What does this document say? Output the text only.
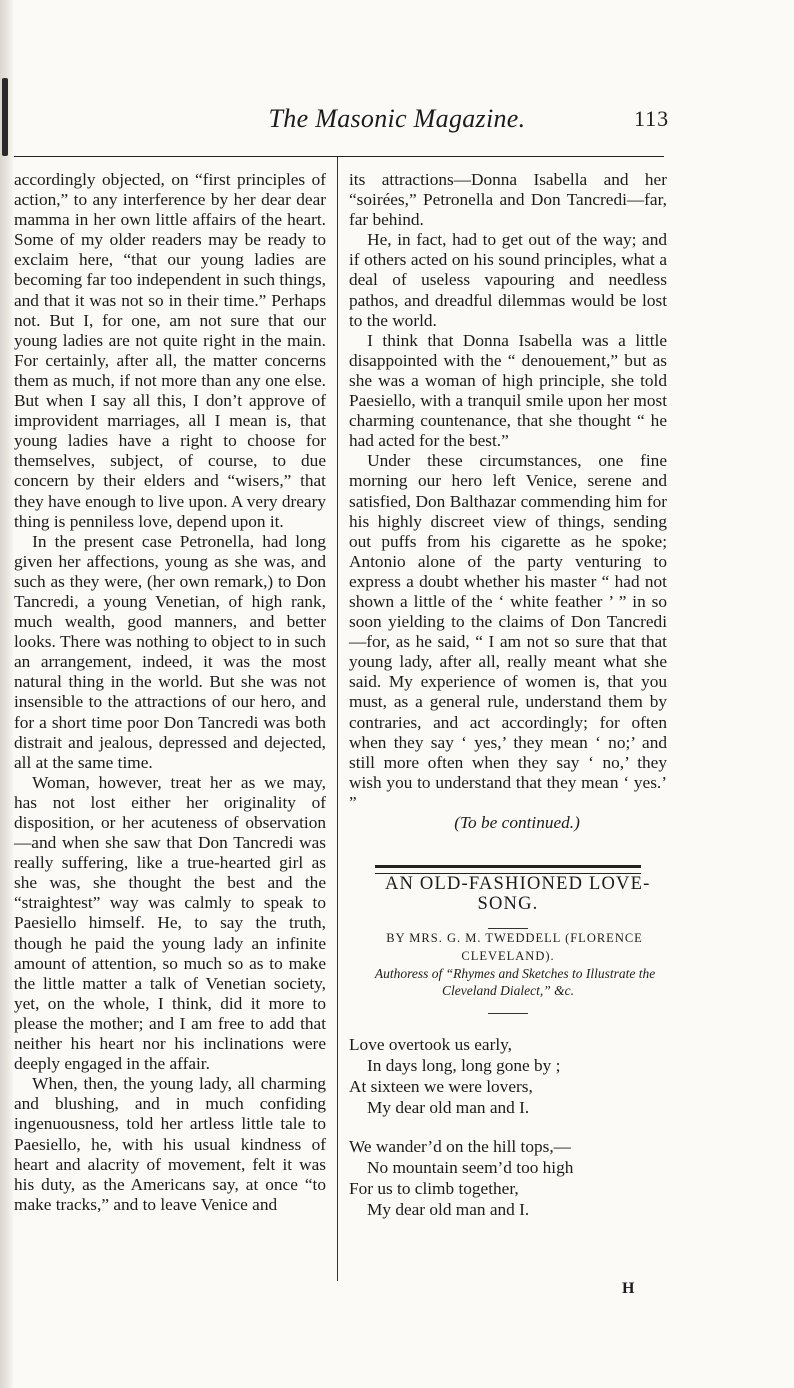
The Masonic Magazine.	113

accordingly objected, on “first principles of action,” to any interference by her dear dear mamma in her own little affairs of the heart. Some of my older readers may be ready to exclaim here, “that our young ladies are becoming far too independent in such things, and that it was not so in their time.” Perhaps not. But I, for one, am not sure that our young ladies are not quite right in the main. For certainly, after all, the matter concerns them as much, if not more than any one else. But when I say all this, I don’t approve of improvident marriages, all I mean is, that young ladies have a right to choose for themselves, subject, of course, to due concern by their elders and “wisers,” that they have enough to live upon. A very dreary thing is penniless love, depend upon it.

In the present case Petronella, had long given her affections, young as she was, and such as they were, (her own remark,) to Don Tancredi, a young Venetian, of high rank, much wealth, good manners, and better looks. There was nothing to object to in such an arrangement, indeed, it was the most natural thing in the world. But she was not insensible to the attractions of our hero, and for a short time poor Don Tancredi was both distrait and jealous, depressed and dejected, all at the same time.

Woman, however, treat her as we may, has not lost either her originality of disposition, or her acuteness of observation—and when she saw that Don Tancredi was really suffering, like a true-hearted girl as she was, she thought the best and the “straightest” way was calmly to speak to Paesiello himself. He, to say the truth, though he paid the young lady an infinite amount of attention, so much so as to make the little matter a talk of Venetian society, yet, on the whole, I think, did it more to please the mother; and I am free to add that neither his heart nor his inclinations were deeply engaged in the affair.

When, then, the young lady, all charming and blushing, and in much confiding ingenuousness, told her artless little tale to Paesiello, he, with his usual kindness of heart and alacrity of movement, felt it was his duty, as the Americans say, at once “to make tracks,” and to leave Venice and

its attractions—Donna Isabella and her “soirées,” Petronella and Don Tancredi—far, far behind.

He, in fact, had to get out of the way; and if others acted on his sound principles, what a deal of useless vapouring and needless pathos, and dreadful dilemmas would be lost to the world.

I think that Donna Isabella was a little disappointed with the “ denouement,” but as she was a woman of high principle, she told Paesiello, with a tranquil smile upon her most charming countenance, that she thought “ he had acted for the best.”

Under these circumstances, one fine morning our hero left Venice, serene and satisfied, Don Balthazar commending him for his highly discreet view of things, sending out puffs from his cigarette as he spoke; Antonio alone of the party venturing to express a doubt whether his master “ had not shown a little of the ‘ white feather ’ ” in so soon yielding to the claims of Don Tancredi—for, as he said, “ I am not so sure that that young lady, after all, really meant what she said. My experience of women is, that you must, as a general rule, understand them by contraries, and act accordingly; for often when they say ‘ yes,’ they mean ‘ no;’ and still more often when they say ‘ no,’ they wish you to understand that they mean ‘ yes.’ ”

(To be continued.)

AN OLD-FASHIONED LOVE-SONG.

BY MRS. G. M. TWEDDELL (FLORENCE CLEVELAND).

Authoress of “Rhymes and Sketches to Illustrate the Cleveland Dialect,” &c.

Love overtook us early,
In days long, long gone by ;
At sixteen we were lovers,
My dear old man and I.
We wander’d on the hill tops,—
No mountain seem’d too high
For us to climb together,
My dear old man and I.
H
